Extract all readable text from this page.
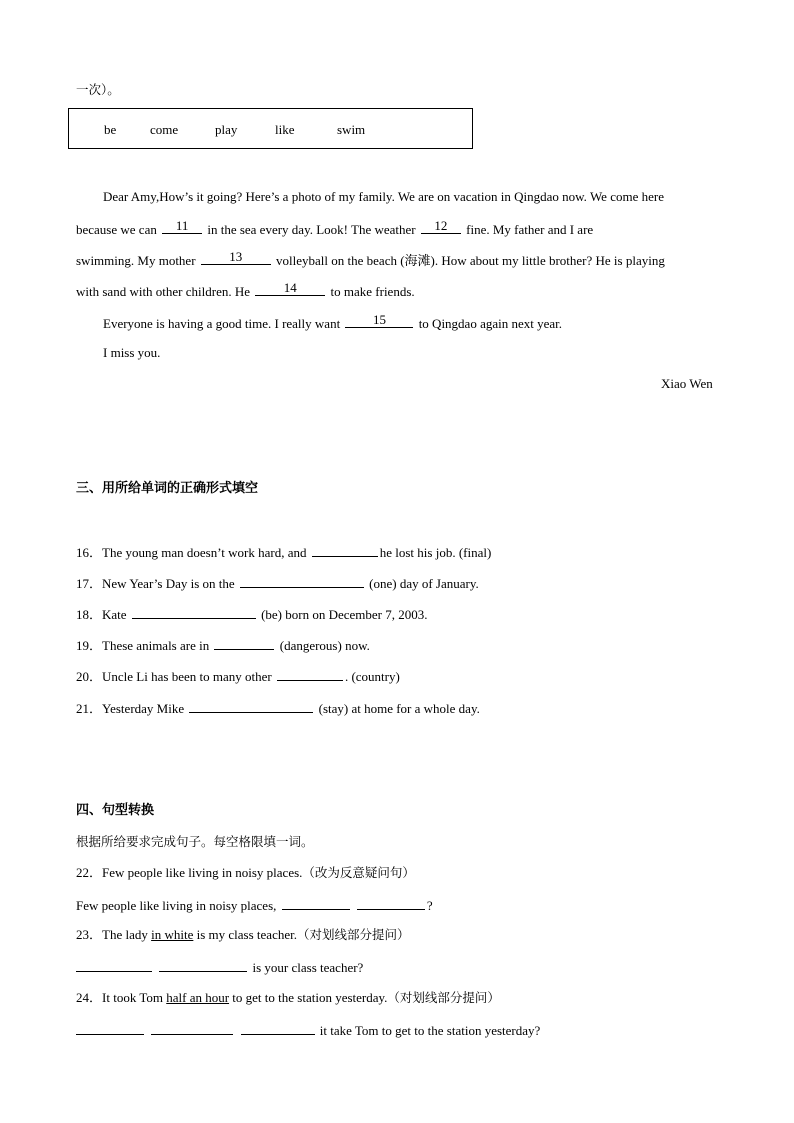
一次）。
be	come	play	like	swim
Dear Amy,How’s it going? Here’s a photo of my family. We are on vacation in Qingdao now. We come here
because we can	11	in the sea every day. Look! The weather	12	fine. My father and I are
swimming. My mother	13	volleyball on the beach (海滩). How about my little brother? He is playing
with sand with other children. He	14	to make friends.
Everyone is having a good time. I really want	15	to Qingdao again next year.
I miss you.
Xiao Wen
三、用所给单词的正确形式填空
16．The young man doesn’t work hard, and	he lost his job. (final)
17．New Year’s Day is on the	(one) day of January.
18．Kate	(be) born on December 7, 2003.
19．These animals are in	(dangerous) now.
20．Uncle Li has been to many other	. (country)
21．Yesterday Mike	(stay) at home for a whole day.
四、句型转换
根据所给要求完成句子。每空格限填一词。
22．Few people like living in noisy places.（改为反意疑问句）
Few people like living in noisy places,	?
23．The lady in white is my class teacher.（对划线部分提问）
is your class teacher?
24．It took Tom half an hour to get to the station yesterday.（对划线部分提问）
it take Tom to get to the station yesterday?
